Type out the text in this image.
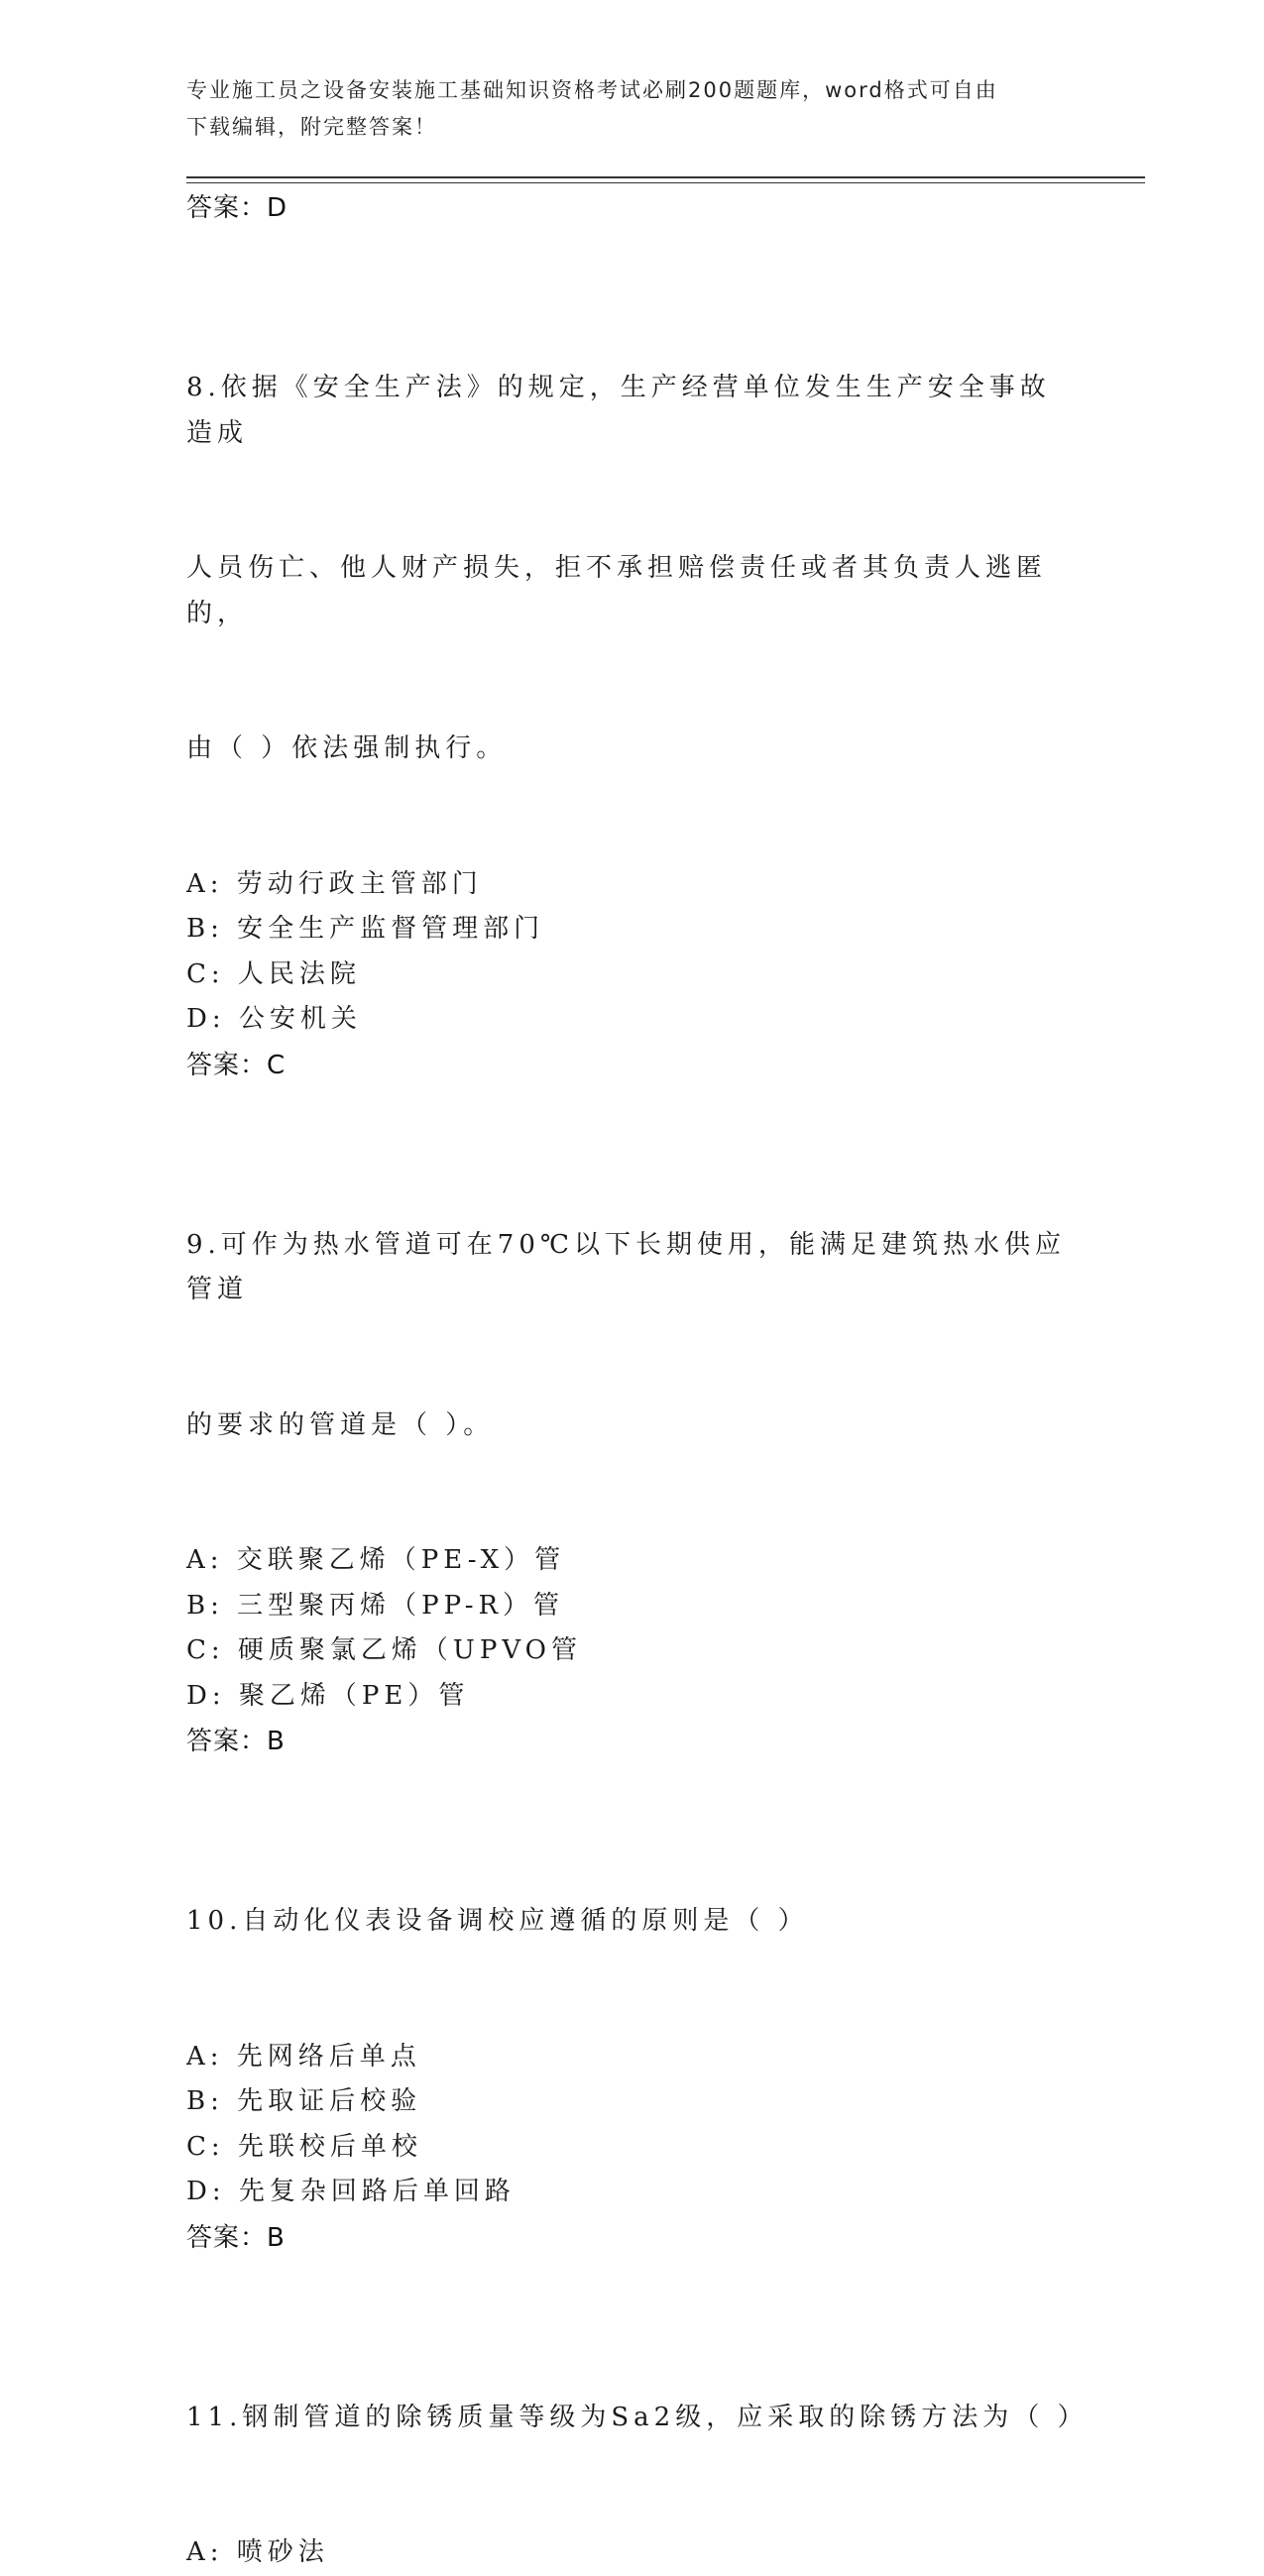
专业施工员之设备安装施工基础知识资格考试必刷200题题库，word格式可自由
下载编辑，附完整答案！
答案：D

8.依据《安全生产法》的规定，生产经营单位发生生产安全事故造成

人员伤亡、他人财产损失，拒不承担赔偿责任或者其负责人逃匿的，

由（ ）依法强制执行。

A: 劳动行政主管部门
B: 安全生产监督管理部门
C: 人民法院
D: 公安机关
答案：C

9.可作为热水管道可在70℃以下长期使用，能满足建筑热水供应管道

的要求的管道是（ ）。

A: 交联聚乙烯（PE-X）管
B: 三型聚丙烯（PP-R）管
C: 硬质聚氯乙烯（UPVO管
D: 聚乙烯（PE）管
答案：B

10.自动化仪表设备调校应遵循的原则是（ ）

A: 先网络后单点
B: 先取证后校验
C: 先联校后单校
D: 先复杂回路后单回路
答案：B

11.钢制管道的除锈质量等级为Sa2级，应采取的除锈方法为（ ）

A: 喷砂法
